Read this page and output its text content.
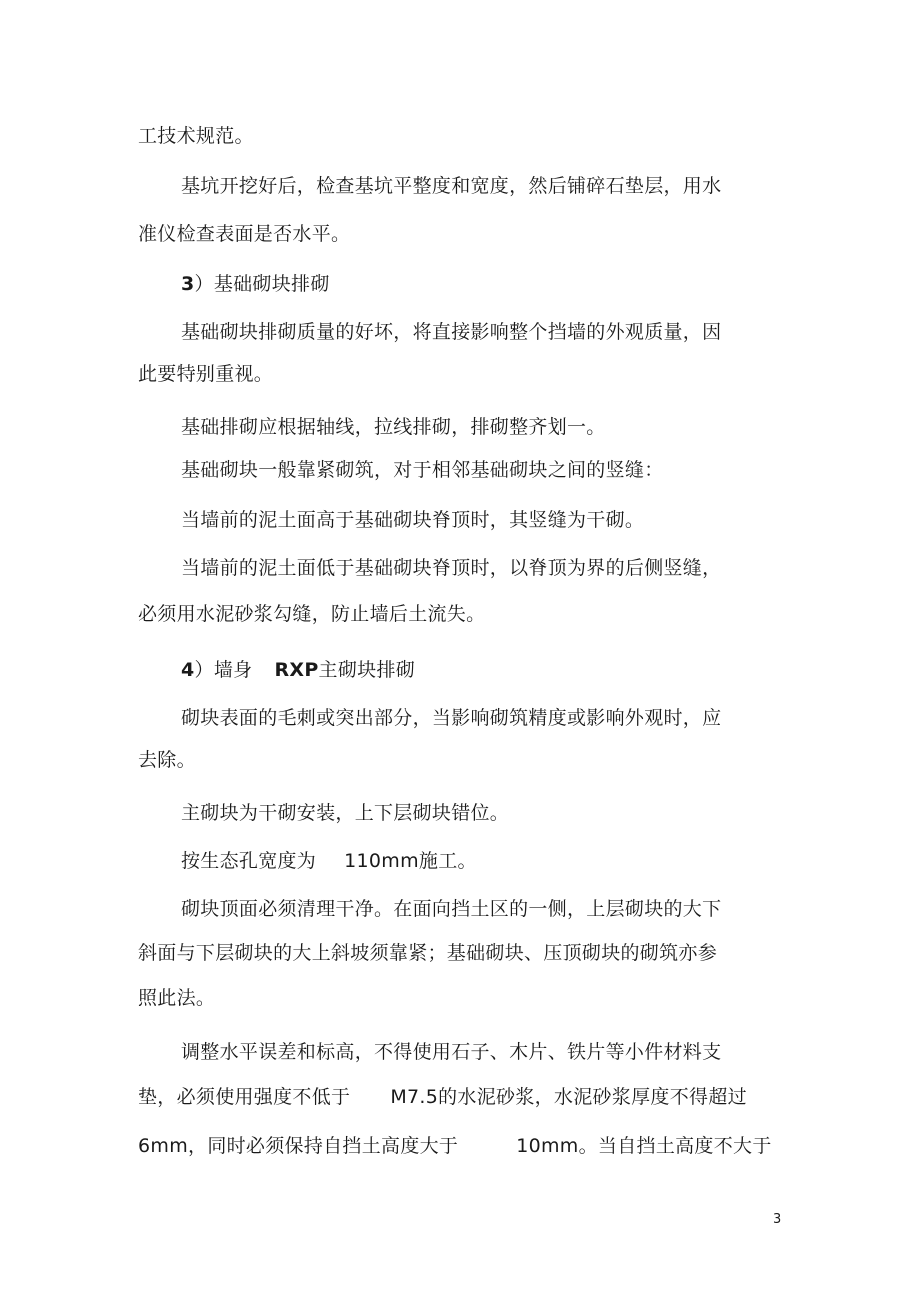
工技术规范。
基坑开挖好后，检查基坑平整度和宽度，然后铺碎石垫层，用水
准仪检查表面是否水平。
3）基础砌块排砌
基础砌块排砌质量的好坏，将直接影响整个挡墙的外观质量，因
此要特别重视。
基础排砌应根据轴线，拉线排砌，排砌整齐划一。
基础砌块一般靠紧砌筑，对于相邻基础砌块之间的竖缝：
当墙前的泥土面高于基础砌块脊顶时，其竖缝为干砌。
当墙前的泥土面低于基础砌块脊顶时，以脊顶为界的后侧竖缝，
必须用水泥砂浆勾缝，防止墙后土流失。
4）墙身 RXP主砌块排砌
砌块表面的毛刺或突出部分，当影响砌筑精度或影响外观时，应
去除。
主砌块为干砌安装，上下层砌块错位。
按生态孔宽度为 110mm施工。
砌块顶面必须清理干净。在面向挡土区的一侧，上层砌块的大下
斜面与下层砌块的大上斜坡须靠紧；基础砌块、压顶砌块的砌筑亦参
照此法。
调整水平误差和标高，不得使用石子、木片、铁片等小件材料支
垫，必须使用强度不低于 M7.5的水泥砂浆，水泥砂浆厚度不得超过
6mm，同时必须保持自挡土高度大于	10mm。当自挡土高度不大于
3
